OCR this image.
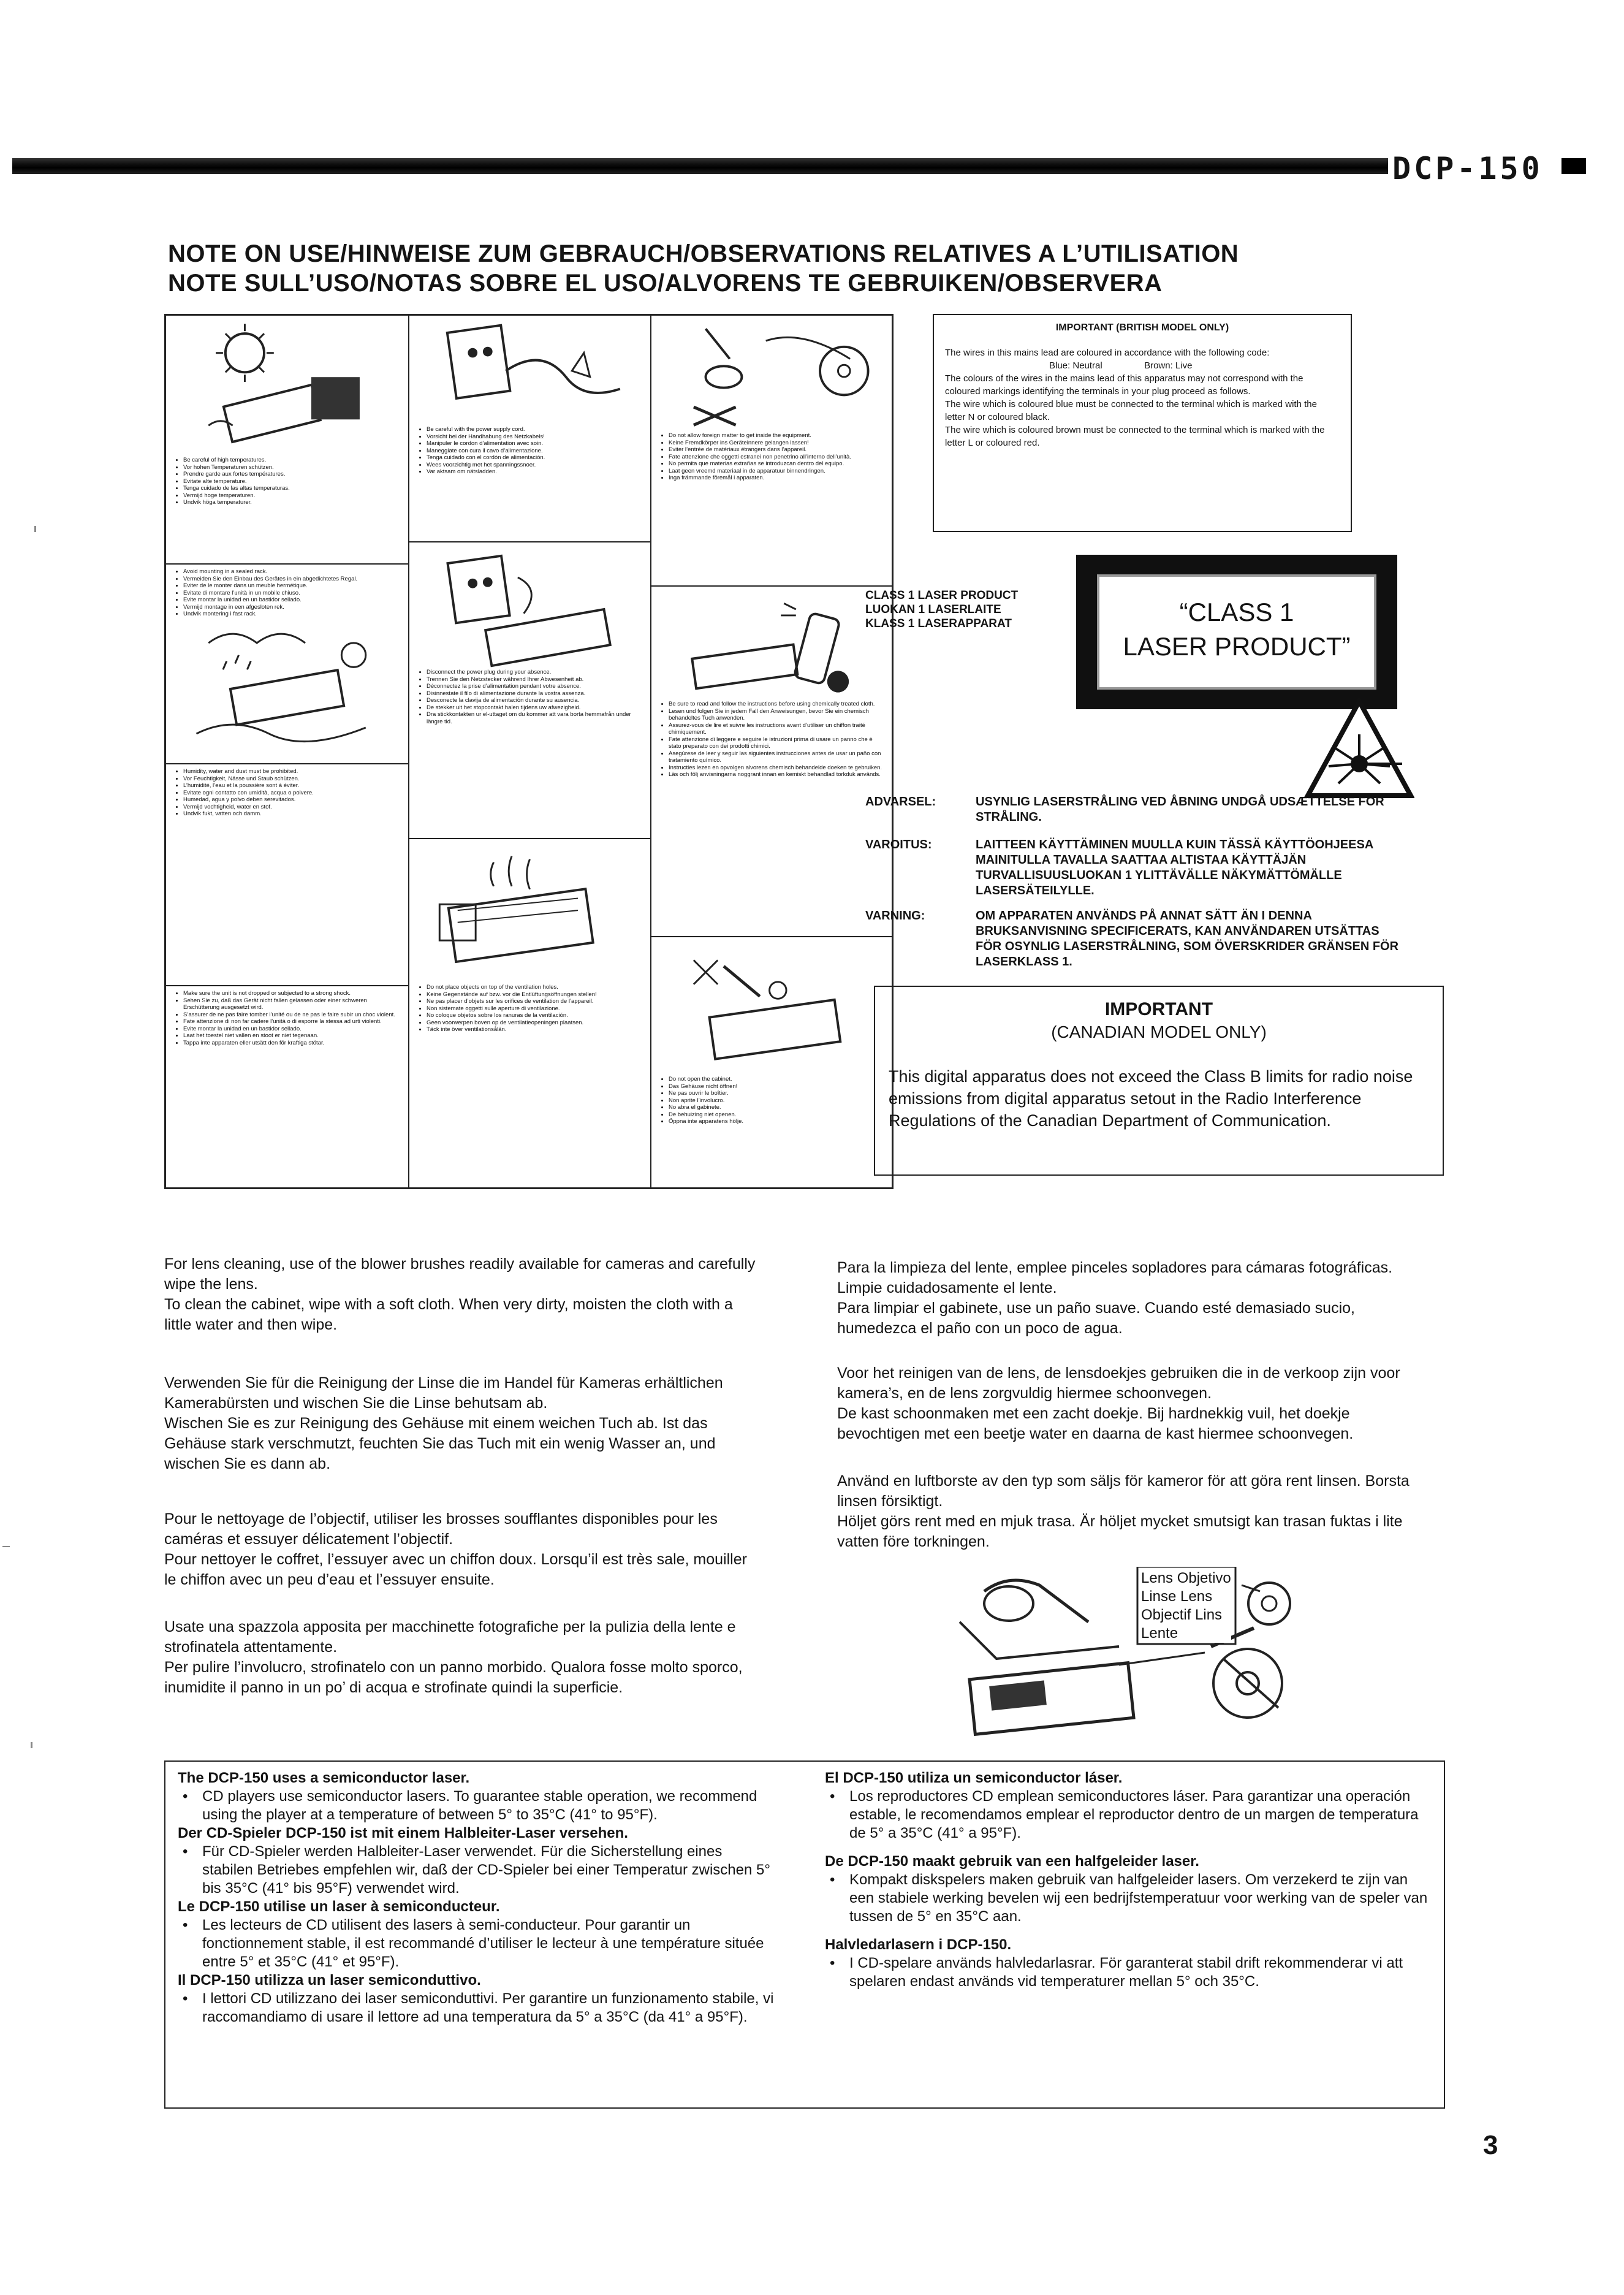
DCP-150
NOTE ON USE/HINWEISE ZUM GEBRAUCH/OBSERVATIONS RELATIVES A L’UTILISATION
NOTE SULL’USO/NOTAS SOBRE EL USO/ALVORENS TE GEBRUIKEN/OBSERVERA
• Be careful of high temperatures.
• Vor hohen Temperaturen schützen.
• Prendre garde aux fortes températures.
• Evitate alte temperature.
• Tenga cuidado de las altas temperaturas.
• Vermijd hoge temperaturen.
• Undvik höga temperaturer.
• Avoid mounting in a sealed rack.
• Vermeiden Sie den Einbau des Gerätes in ein abgedichtetes Regal.
• Eviter de le monter dans un meuble hermétique.
• Evitate di montare l’unità in un mobile chiuso.
• Evite montar la unidad en un bastidor sellado.
• Vermijd montage in een afgesloten rek.
• Undvik montering i fast rack.
• Humidity, water and dust must be prohibited.
• Vor Feuchtigkeit, Nässe und Staub schützen.
• L’humidité, l’eau et la poussière sont à éviter.
• Evitate ogni contatto con umidità, acqua o polvere.
• Humedad, agua y polvo deben serevitados.
• Vermijd vochtigheid, water en stof.
• Undvik fukt, vatten och damm.
• Make sure the unit is not dropped or subjected to a strong shock.
• Sehen Sie zu, daß das Gerät nicht fallen gelassen oder einer schweren Erschütterung ausgesetzt wird.
• S’assurer de ne pas faire tomber l’unité ou de ne pas le faire subir un choc violent.
• Fate attenzione di non far cadere l’unità o di esporre la stessa ad urti violenti.
• Evite montar la unidad en un bastidor sellado.
• Laat het toestel niet vallen en stoot er niet tegenaan.
• Tappa inte apparaten eller utsätt den för kraftiga stötar.
• Be careful with the power supply cord.
• Vorsicht bei der Handhabung des Netzkabels!
• Manipuler le cordon d’alimentation avec soin.
• Maneggiate con cura il cavo d’alimentazione.
• Tenga cuidado con el cordón de alimentación.
• Wees voorzichtig met het spanningssnoer.
• Var aktsam om nätsladden.
• Disconnect the power plug during your absence.
• Trennen Sie den Netzstecker während Ihrer Abwesenheit ab.
• Déconnectez la prise d’alimentation pendant votre absence.
• Disinnestate il filo di alimentazione durante la vostra assenza.
• Desconecte la clavija de alimentación durante su ausencia.
• De stekker uit het stopcontakt halen tijdens uw afwezigheid.
• Dra stickkontakten ur el-uttaget om du kommer att vara borta hemmafrån under längre tid.
• Do not place objects on top of the ventilation holes.
• Keine Gegenstände auf bzw. vor die Entlüftungsöffnungen stellen!
• Ne pas placer d’objets sur les orifices de ventilation de l’appareil.
• Non sistemate oggetti sulle aperture di ventilazione.
• No coloque objetos sobre los ranuras de la ventilación.
• Geen voorwerpen boven op de ventilatieopeningen plaatsen.
• Täck inte över ventilationsålän.
• Do not allow foreign matter to get inside the equipment.
• Keine Fremdkörper ins Geräteinnere gelangen lassen!
• Eviter l’entrée de matériaux étrangers dans l’appareil.
• Fate attenzione che oggetti estranei non penetrino all’interno dell’unità.
• No permita que materias extrañas se introduzcan dentro del equipo.
• Laat geen vreemd materiaal in de apparatuur binnendringen.
• Inga främmande föremål i apparaten.
• Be sure to read and follow the instructions before using chemically treated cloth.
• Lesen und folgen Sie in jedem Fall den Anweisungen, bevor Sie ein chemisch behandeltes Tuch anwenden.
• Assurez-vous de lire et suivre les instructions avant d’utiliser un chiffon traité chimiquement.
• Fate attenzione di leggere e seguire le istruzioni prima di usare un panno che è stato preparato con dei prodotti chimici.
• Asegúrese de leer y seguir las siguientes instrucciones antes de usar un paño con tratamiento químico.
• Instructies lezen en opvolgen alvorens chemisch behandelde doeken te gebruiken.
• Läs och följ anvisningarna noggrant innan en kemiskt behandlad torkduk används.
• Do not open the cabinet.
• Das Gehäuse nicht öffnen!
• Ne pas ouvrir le boîtier.
• Non aprite l’involucro.
• No abra el gabinete.
• De behuizing niet openen.
• Öppna inte apparatens hölje.
IMPORTANT (BRITISH MODEL ONLY)

The wires in this mains lead are coloured in accordance with the following code:

Blue: Neutral	Brown: Live

The colours of the wires in the mains lead of this apparatus may not correspond with the coloured markings identifying the terminals in your plug proceed as follows.

The wire which is coloured blue must be connected to the terminal which is marked with the letter N or coloured black.

The wire which is coloured brown must be connected to the terminal which is marked with the letter L or coloured red.

CLASS 1 LASER PRODUCT
LUOKAN 1 LASERLAITE
KLASS 1 LASERAPPARAT	“CLASS 1
LASER PRODUCT”
ADVARSEL:	USYNLIG LASERSTRÅLING VED ÅBNING UNDGÅ UDSÆTTELSE FOR STRÅLING.
VAROITUS:	LAITTEEN KÄYTTÄMINEN MUULLA KUIN TÄSSÄ KÄYTTÖOHJEESA MAINITULLA TAVALLA SAATTAA ALTISTAA KÄYTTÄJÄN TURVALLISUUSLUOKAN 1 YLITTÄVÄLLE NÄKYMÄTTÖMÄLLE LASERSÄTEILYLLE.
VARNING:	OM APPARATEN ANVÄNDS PÅ ANNAT SÄTT ÄN I DENNA BRUKSANVISNING SPECIFICERATS, KAN ANVÄNDAREN UTSÄTTAS FÖR OSYNLIG LASERSTRÅLNING, SOM ÖVERSKRIDER GRÄNSEN FÖR LASERKLASS 1.
IMPORTANT
(CANADIAN MODEL ONLY)
This digital apparatus does not exceed the Class B limits for radio noise emissions from digital apparatus setout in the Radio Interference Regulations of the Canadian Department of Communication.

For lens cleaning, use of the blower brushes readily available for cameras and carefully wipe the lens.

To clean the cabinet, wipe with a soft cloth. When very dirty, moisten the cloth with a little water and then wipe.

Verwenden Sie für die Reinigung der Linse die im Handel für Kameras erhältlichen Kamerabürsten und wischen Sie die Linse behutsam ab.

Wischen Sie es zur Reinigung des Gehäuse mit einem weichen Tuch ab. Ist das Gehäuse stark verschmutzt, feuchten Sie das Tuch mit ein wenig Wasser an, und wischen Sie es dann ab.

Pour le nettoyage de l’objectif, utiliser les brosses soufflantes disponibles pour les caméras et essuyer délicatement l’objectif.

Pour nettoyer le coffret, l’essuyer avec un chiffon doux. Lorsqu’il est très sale, mouiller le chiffon avec un peu d’eau et l’essuyer ensuite.

Usate una spazzola apposita per macchinette fotografiche per la pulizia della lente e strofinatela attentamente.

Per pulire l’involucro, strofinatelo con un panno morbido. Qualora fosse molto sporco, inumidite il panno in un po’ di acqua e strofinate quindi la superficie.

Para la limpieza del lente, emplee pinceles sopladores para cámaras fotográficas. Limpie cuidadosamente el lente.

Para limpiar el gabinete, use un paño suave. Cuando esté demasiado sucio, humedezca el paño con un poco de agua.

Voor het reinigen van de lens, de lensdoekjes gebruiken die in de verkoop zijn voor kamera’s, en de lens zorgvuldig hiermee schoonvegen.

De kast schoonmaken met een zacht doekje. Bij hardnekkig vuil, het doekje bevochtigen met een beetje water en daarna de kast hiermee schoonvegen.

Använd en luftborste av den typ som säljs för kameror för att göra rent linsen. Borsta linsen försiktigt.

Höljet görs rent med en mjuk trasa. Är höljet mycket smutsigt kan trasan fuktas i lite vatten före torkningen.

Lens Objetivo
Linse Lens
Objectif Lins
Lente

The DCP-150 uses a semiconductor laser.

• CD players use semiconductor lasers. To guarantee stable operation, we recommend using the player at a temperature of between 5° to 35°C (41° to 95°F).

Der CD-Spieler DCP-150 ist mit einem Halbleiter-Laser versehen.

• Für CD-Spieler werden Halbleiter-Laser verwendet. Für die Sicherstellung eines stabilen Betriebes empfehlen wir, daß der CD-Spieler bei einer Temperatur zwischen 5° bis 35°C (41° bis 95°F) verwendet wird.

Le DCP-150 utilise un laser à semiconducteur.

• Les lecteurs de CD utilisent des lasers à semi-conducteur. Pour garantir un fonctionnement stable, il est recommandé d’utiliser le lecteur à une température située entre 5° et 35°C (41° et 95°F).

Il DCP-150 utilizza un laser semiconduttivo.

• I lettori CD utilizzano dei laser semiconduttivi. Per garantire un funzionamento stabile, vi raccomandiamo di usare il lettore ad una temperatura da 5° a 35°C (da 41° a 95°F).

El DCP-150 utiliza un semiconductor láser.

• Los reproductores CD emplean semiconductores láser. Para garantizar una operación estable, le recomendamos emplear el reproductor dentro de un margen de temperatura de 5° a 35°C (41° a 95°F).

De DCP-150 maakt gebruik van een halfgeleider laser.

• Kompakt diskspelers maken gebruik van halfgeleider lasers. Om verzekerd te zijn van een stabiele werking bevelen wij een bedrijfstemperatuur voor werking van de speler van tussen de 5° en 35°C aan.

Halvledarlasern i DCP-150.

• I CD-spelare används halvledarlasrar. För garanterat stabil drift rekommenderar vi att spelaren endast används vid temperaturer mellan 5° och 35°C.

3
